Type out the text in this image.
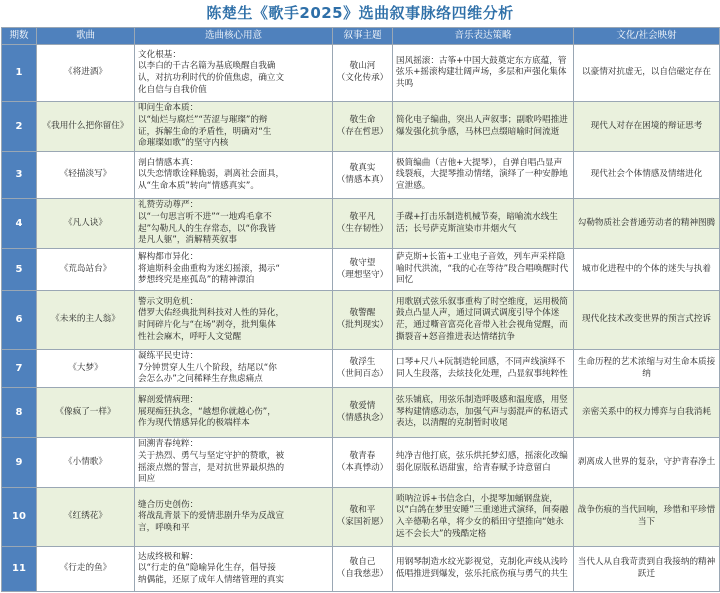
陈楚生《歌手2025》选曲叙事脉络四维分析
期数	歌曲	选曲核心用意	叙事主题	音乐表达策略	文化/社会映射
1	《将进酒》	文化根基：
以李白的千古名篇为基底唤醒自我确
认，对抗功利时代的价值焦虑，确立文
化自信与自我价值	敬山河
（文化传承）	国风摇滚：古筝+中国大鼓奠定东方底蕴，管弦乐+摇滚构建壮阔声场，多层和声强化集体共鸣	以豪情对抗虚无，以自信磁定存在
2	《我用什么把你留住》	叩问生命本质：
以“灿烂与腐烂”“苦涩与璀璨”的辩
证，拆解生命的矛盾性，明确对“生
命璀璨如歌”的坚守内核	敬生命
（存在哲思）	简化电子编曲，突出人声叙事；副歌吟唱推进爆发强化抗争感，马林巴点缀暗喻时间流逝	现代人对存在困境的辩证思考
3	《轻描淡写》	剖白情感本真：
以失恋情歌诠释脆弱，剥离社会面具，
从“生命本质”转向“情感真实”。	敬真实
（情感本真）	极简编曲（吉他+大提琴），自弹自唱凸显声线裂痕，大提琴推动情绪，演绎了一种安静地宣泄感。	现代社会个体情感及情绪进化
4	《凡人诀》	礼赞劳动尊严：
以“一句思言听不进”“一地鸡毛拿不
起”勾勒凡人的生存常态，以“你我皆
是凡人躯”，消解精英叙事	敬平凡
（生存韧性）	手碟+打击乐制造机械节奏，暗喻流水线生活；长号萨克斯渲染市井烟火气	勾勒物质社会普通劳动者的精神图腾
5	《荒岛站台》	解构都市异化：
将迪斯科金曲重构为迷幻摇滚，揭示“
梦想终究是座孤岛”的精神漂泊	敬守望
（理想坚守）	萨克斯+长笛+工业电子音效，列车声采样隐喻时代洪流，“我的心在等待”段合唱唤醒时代回忆	城市化进程中的个体的迷失与执着
6	《未来的主人翁》	警示文明危机：
借罗大佑经典批判科技对人性的异化，
时间碎片化与“在场”剥夺，批判集体
性社会麻木，呼吁人文觉醒	敬警醒
（批判现实）	用歌剧式弦乐叙事重构了时空维度，运用极简鼓点凸显人声，通过同调式调度引导个体迷茫，通过嘶音富亮化音带入社会视角觉醒，而撕裂音+怒音推进表达情绪抗争	现代化技术改变世界的预言式控诉
7	《大梦》	凝练平民史诗：
7分钟贯穿人生八个阶段，结尾以“你
会怎么办”之问稀释生存焦虑痛点	敬浮生
（世间百态）	口琴+尺八+阮制造轮回感，不同声线演绎不同人生段落，去炫技化处理，凸显叙事纯粹性	生命历程的艺术浓缩与对生命本质接纳
8	《像疯了一样》	解剖爱情病理：
展现痴狂执念，“越想你就越心伤”，
作为现代情感异化的极端样本	敬爱情
（情感执念）	弦乐铺底，用弦乐制造呼吸感和温度感，用竖琴构建情感动态，加强气声与弱混声的私语式表达，以清醒的克制暂时收尾	亲密关系中的权力博弈与自我消耗
9	《小情歌》	回溯青春纯粹：
关于热烈、勇气与坚定守护的赞歌，被
摇滚点燃的誓言，是对抗世界最炽热的
回应	敬青春
（本真悸动）	纯净吉他打底，弦乐烘托梦幻感，摇滚化改编弱化原版私语甜蜜，给青春赋予诗意留白	剥离成人世界的复杂，守护青春净土
10	《红绣花》	缝合历史创伤：
将战乱背景下的爱情悲剧升华为反战宣
言，呼唤和平	敬和平
（家国祈愿）	唢呐泣诉+书信念白，小提琴加蛹钢盘旋，以“白鸽在梦里安睡”三重递进式演绎，间奏融入辛德勒名单，将少女的稻田守望推向“她永远不会长大”的残酷定格	战争伤痕的当代回响，珍惜和平珍惜当下
11	《行走的鱼》	达成终极和解：
以“行走的鱼”隐喻异化生存，倡导接
纳偶能，还原了成年人情绪管理的真实	敬自己
（自我慈悲）	用钢琴制造水纹光影视觉，克制化声线从浅吟低唱推进到爆发，弦乐托底伤痕与勇气的共生	当代人从自我苛责到自我接纳的精神跃迁
